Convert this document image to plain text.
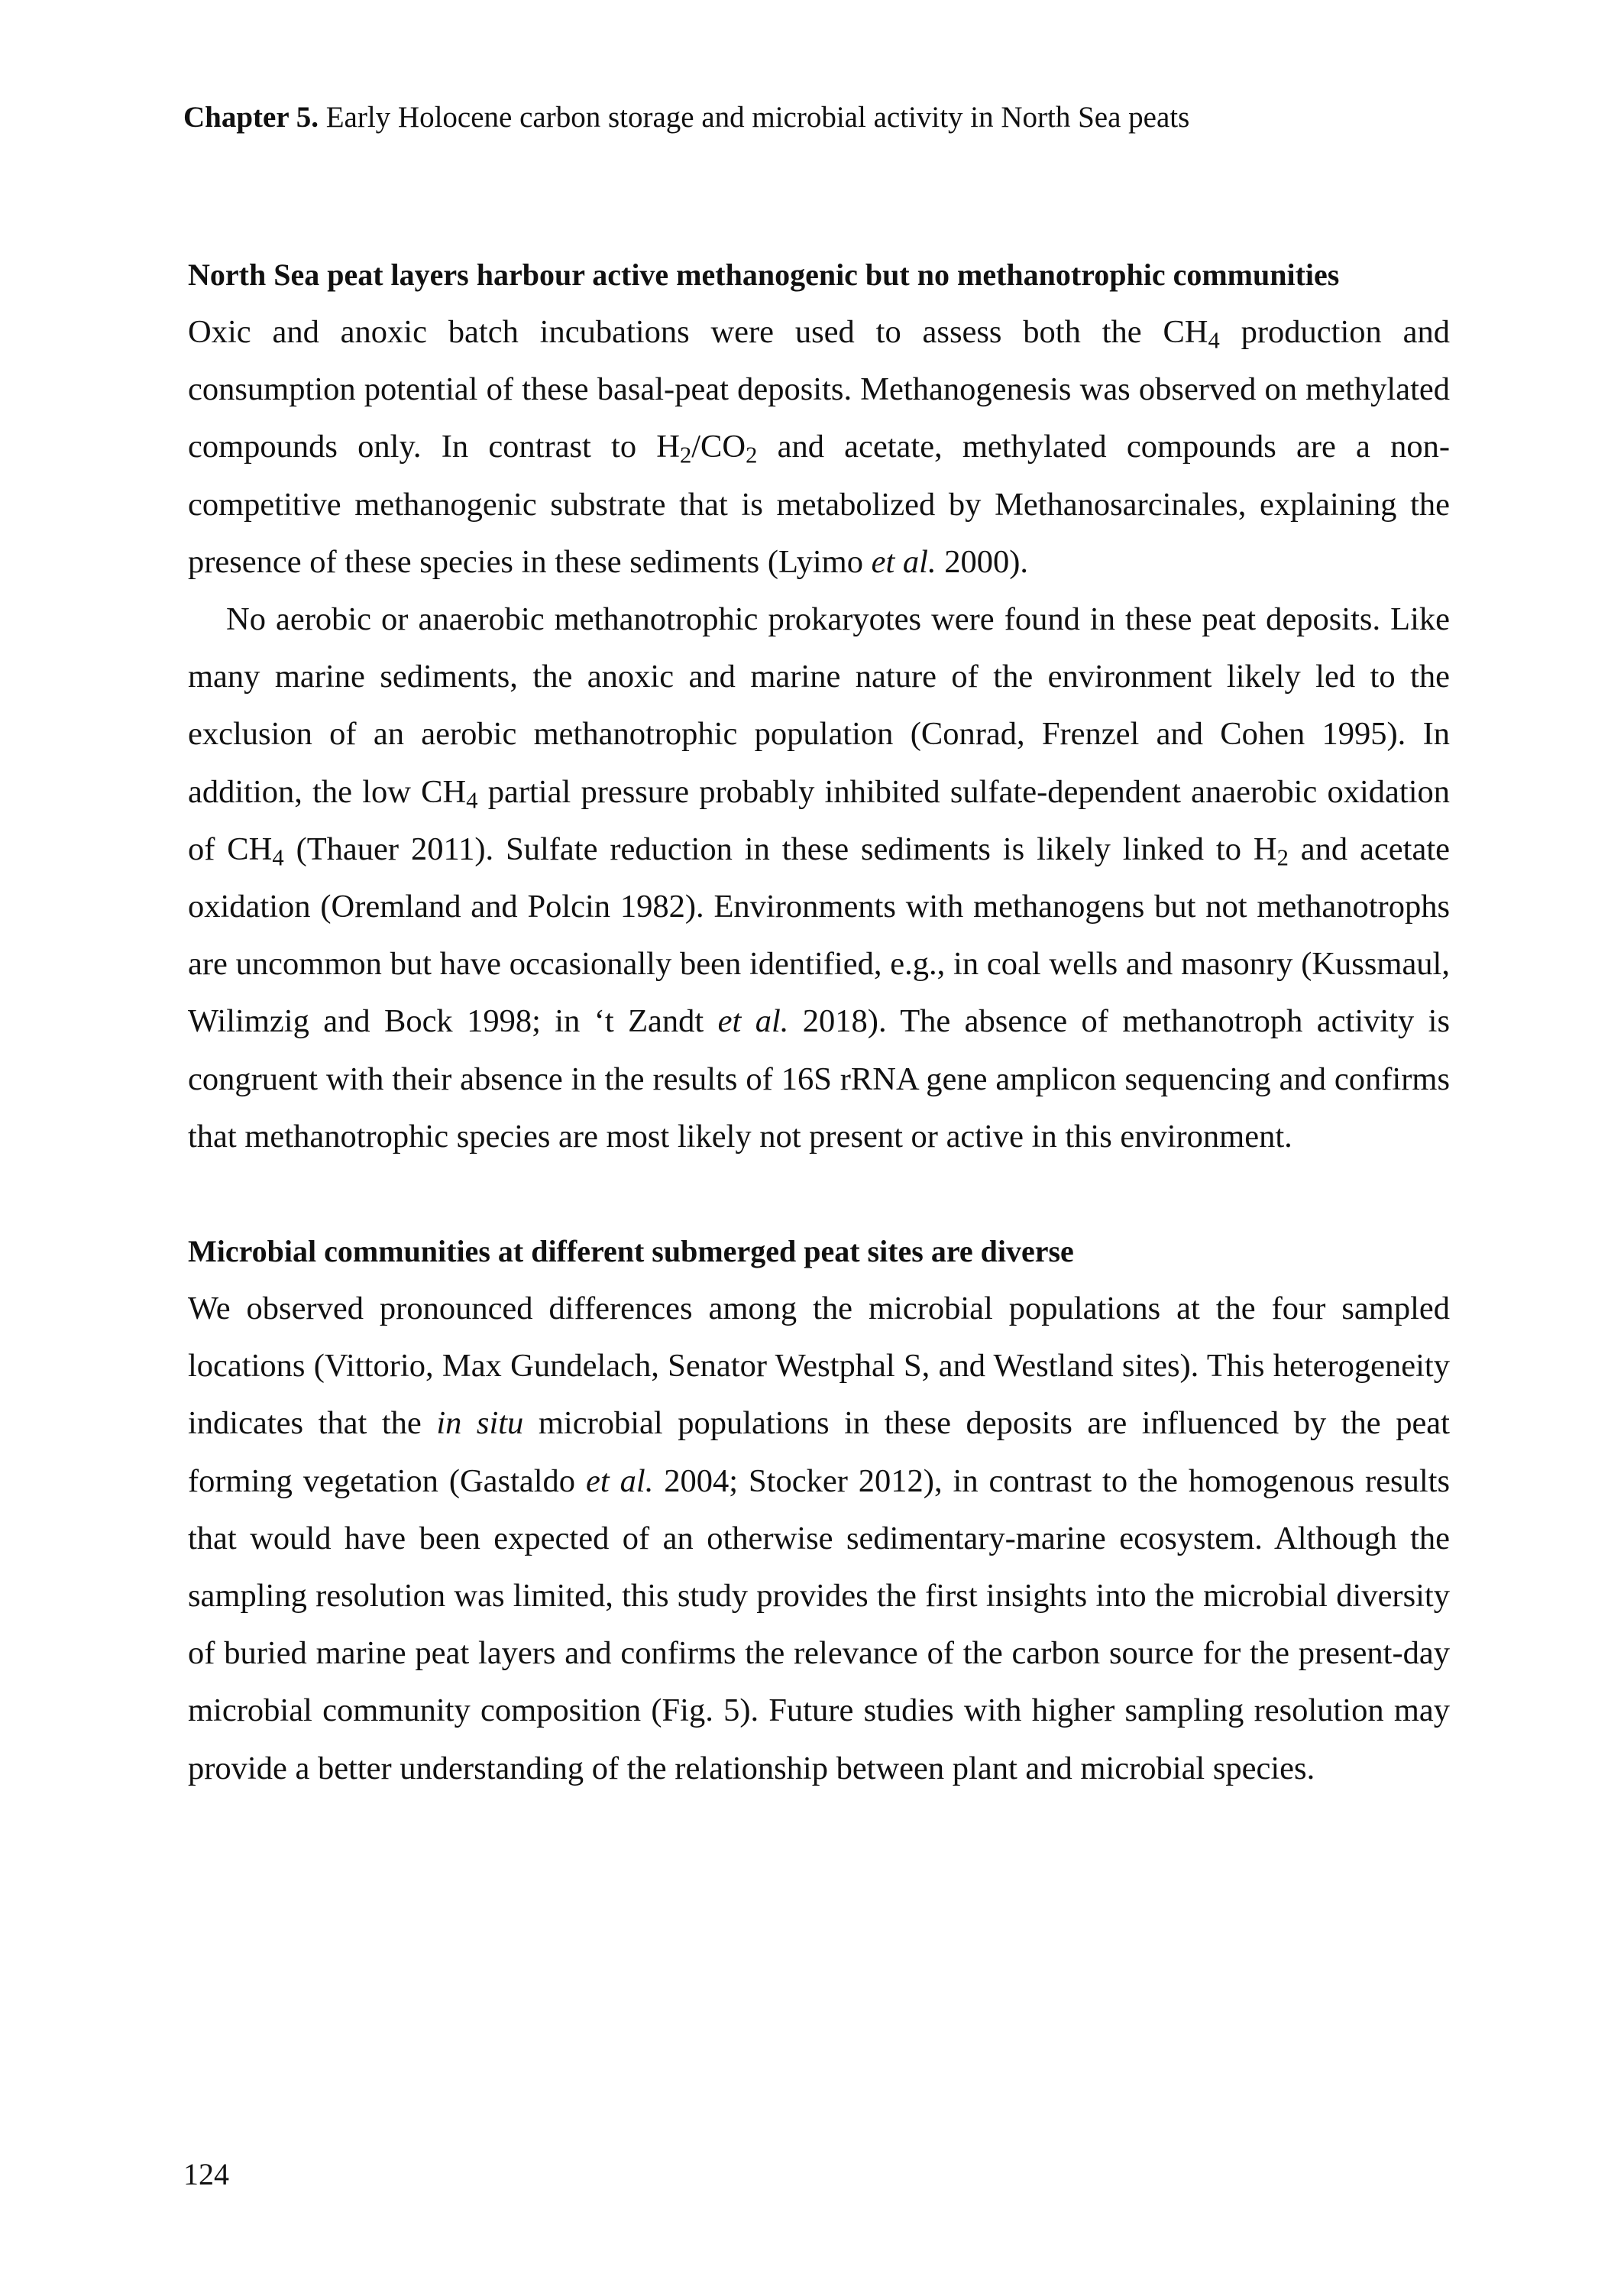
Chapter 5. Early Holocene carbon storage and microbial activity in North Sea peats

North Sea peat layers harbour active methanogenic but no methanotrophic communities

Oxic and anoxic batch incubations were used to assess both the $CH_4$ production and consumption potential of these basal-peat deposits. Methanogenesis was observed on methylated compounds only. In contrast to $H_2/CO_2$ and acetate, methylated compounds are a non-competitive methanogenic substrate that is metabolized by Methanosarcinales, explaining the presence of these species in these sediments (Lyimo et al. 2000).

No aerobic or anaerobic methanotrophic prokaryotes were found in these peat deposits. Like many marine sediments, the anoxic and marine nature of the environment likely led to the exclusion of an aerobic methanotrophic population (Conrad, Frenzel and Cohen 1995). In addition, the low $CH_4$ partial pressure probably inhibited sulfate-dependent anaerobic oxidation of $CH_4$ (Thauer 2011). Sulfate reduction in these sediments is likely linked to $H_2$ and acetate oxidation (Oremland and Polcin 1982). Environments with methanogens but not methanotrophs are uncommon but have occasionally been identified, e.g., in coal wells and masonry (Kussmaul, Wilimzig and Bock 1998; in ‘t Zandt et al. 2018). The absence of methanotroph activity is congruent with their absence in the results of 16S rRNA gene amplicon sequencing and confirms that methanotrophic species are most likely not present or active in this environment.

Microbial communities at different submerged peat sites are diverse

We observed pronounced differences among the microbial populations at the four sampled locations (Vittorio, Max Gundelach, Senator Westphal S, and Westland sites). This heterogeneity indicates that the in situ microbial populations in these deposits are influenced by the peat forming vegetation (Gastaldo et al. 2004; Stocker 2012), in contrast to the homogenous results that would have been expected of an otherwise sedimentary-marine ecosystem. Although the sampling resolution was limited, this study provides the first insights into the microbial diversity of buried marine peat layers and confirms the relevance of the carbon source for the present-day microbial community composition (Fig. 5). Future studies with higher sampling resolution may provide a better understanding of the relationship between plant and microbial species.

124
